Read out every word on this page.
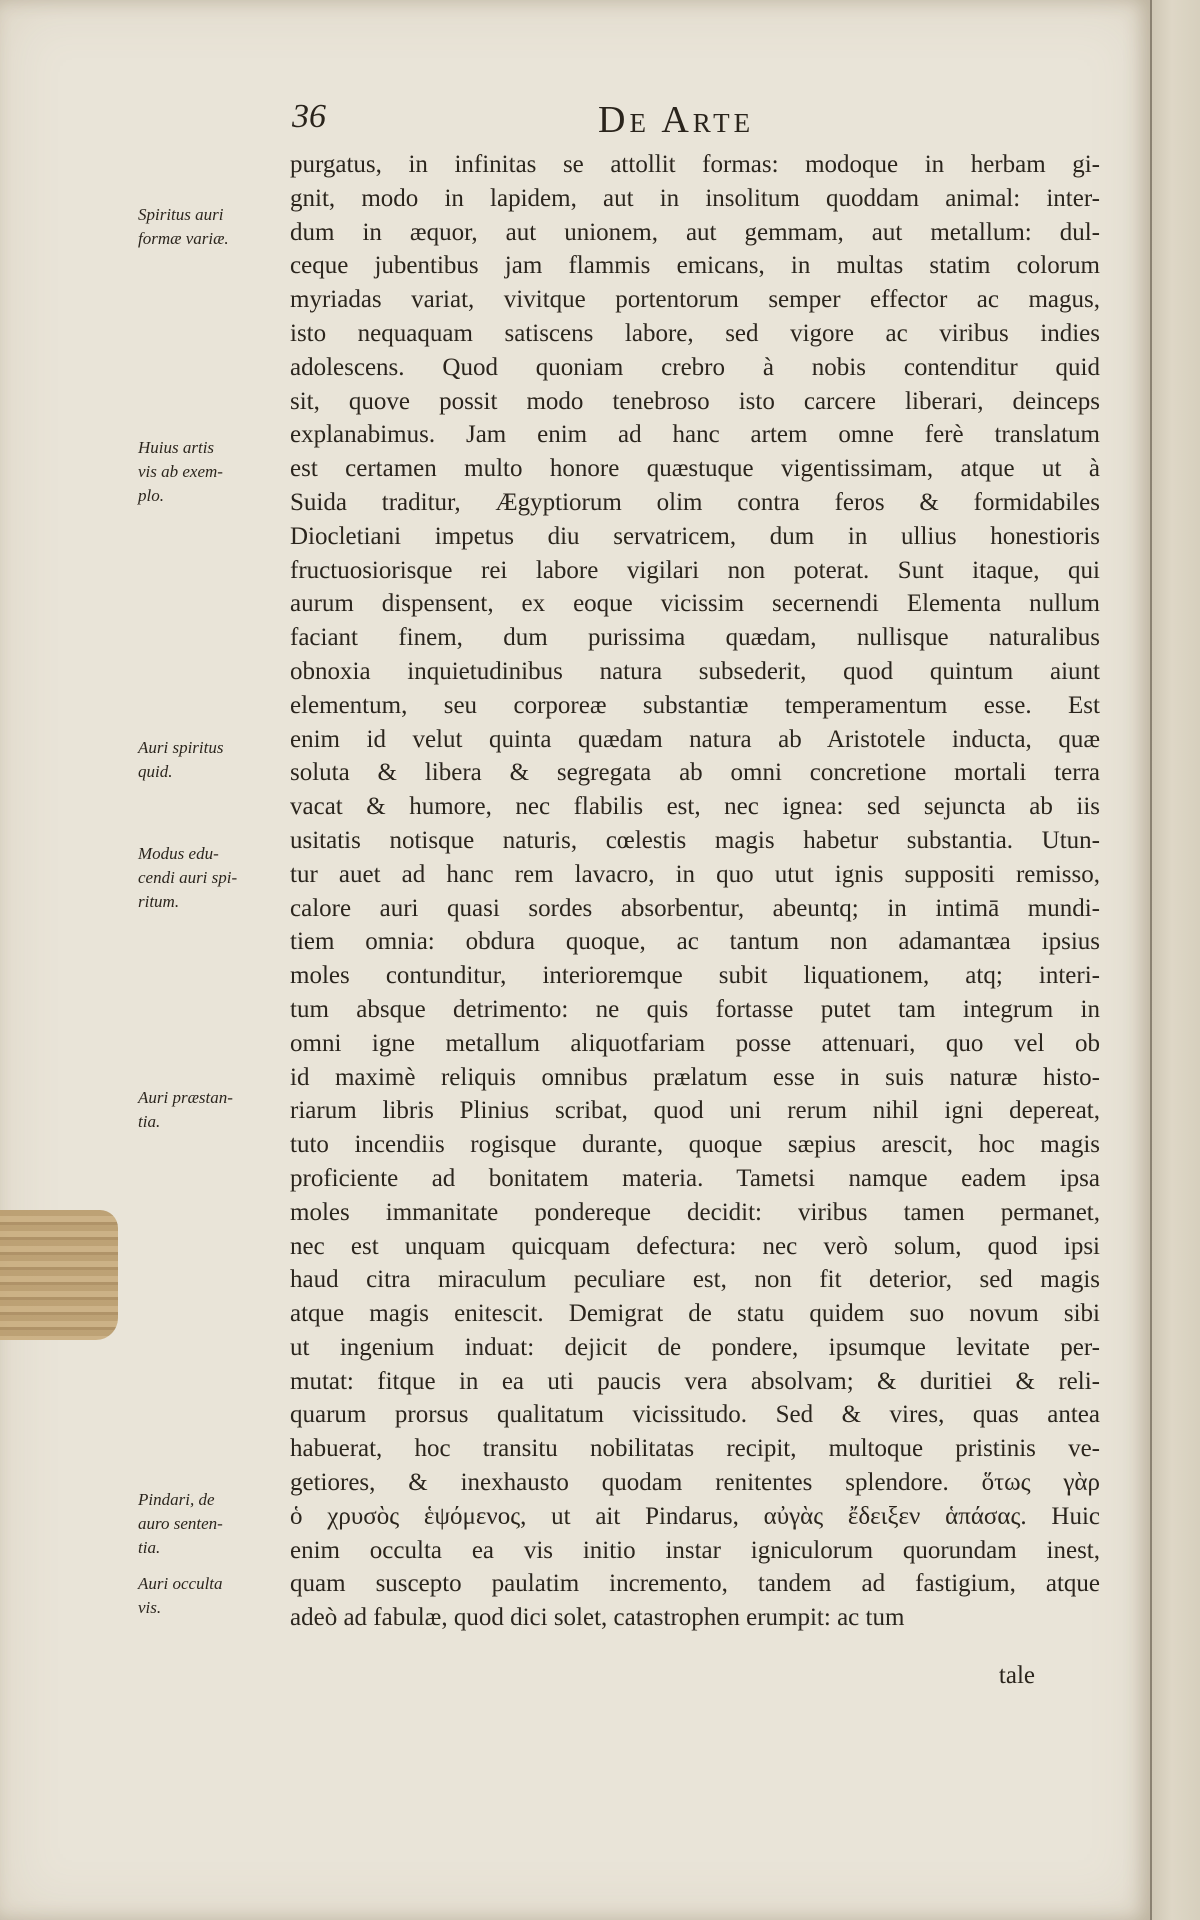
36	De Arte
Spiritus auri
formæ variæ.
Huius artis
vis ab exem-
plo.
Auri spiritus
quid.
Modus edu-
cendi auri spi-
ritum.
Auri præstan-
tia.
Pindari, de
auro senten-
tia.
Auri occulta
vis.
purgatus, in infinitas se attollit formas: modoque in herbam gi-
gnit, modo in lapidem, aut in insolitum quoddam animal: inter-
dum in æquor, aut unionem, aut gemmam, aut metallum: dul-
ceque jubentibus jam flammis emicans, in multas statim colorum
myriadas variat, vivitque portentorum semper effector ac magus,
isto nequaquam satiscens labore, sed vigore ac viribus indies
adolescens. Quod quoniam crebro à nobis contenditur quid
sit, quove possit modo tenebroso isto carcere liberari, deinceps
explanabimus. Jam enim ad hanc artem omne ferè translatum
est certamen multo honore quæstuque vigentissimam, atque ut à
Suida traditur, Ægyptiorum olim contra feros & formidabiles
Diocletiani impetus diu servatricem, dum in ullius honestioris
fructuosiorisque rei labore vigilari non poterat. Sunt itaque, qui
aurum dispensent, ex eoque vicissim secernendi Elementa nullum
faciant finem, dum purissima quædam, nullisque naturalibus
obnoxia inquietudinibus natura subsederit, quod quintum aiunt
elementum, seu corporeæ substantiæ temperamentum esse. Est
enim id velut quinta quædam natura ab Aristotele inducta, quæ
soluta & libera & segregata ab omni concretione mortali terra
vacat & humore, nec flabilis est, nec ignea: sed sejuncta ab iis
usitatis notisque naturis, cœlestis magis habetur substantia. Utun-
tur auet ad hanc rem lavacro, in quo utut ignis suppositi remisso,
calore auri quasi sordes absorbentur, abeuntq; in intimā mundi-
tiem omnia: obdura quoque, ac tantum non adamantæa ipsius
moles contunditur, interioremque subit liquationem, atq; interi-
tum absque detrimento: ne quis fortasse putet tam integrum in
omni igne metallum aliquotfariam posse attenuari, quo vel ob
id maximè reliquis omnibus prælatum esse in suis naturæ histo-
riarum libris Plinius scribat, quod uni rerum nihil igni depereat,
tuto incendiis rogisque durante, quoque sæpius arescit, hoc magis
proficiente ad bonitatem materia. Tametsi namque eadem ipsa
moles immanitate pondereque decidit: viribus tamen permanet,
nec est unquam quicquam defectura: nec verò solum, quod ipsi
haud citra miraculum peculiare est, non fit deterior, sed magis
atque magis enitescit. Demigrat de statu quidem suo novum sibi
ut ingenium induat: dejicit de pondere, ipsumque levitate per-
mutat: fitque in ea uti paucis vera absolvam; & duritiei & reli-
quarum prorsus qualitatum vicissitudo. Sed & vires, quas antea
habuerat, hoc transitu nobilitatas recipit, multoque pristinis ve-
getiores, & inexhausto quodam renitentes splendore. ὅτως γὰρ
ὁ χρυσὸς ἑψόμενος, ut ait Pindarus, αὐγὰς ἔδειξεν ἁπάσας. Huic
enim occulta ea vis initio instar igniculorum quorundam inest,
quam suscepto paulatim incremento, tandem ad fastigium, atque
adeò ad fabulæ, quod dici solet, catastrophen erumpit: ac tum
tale
